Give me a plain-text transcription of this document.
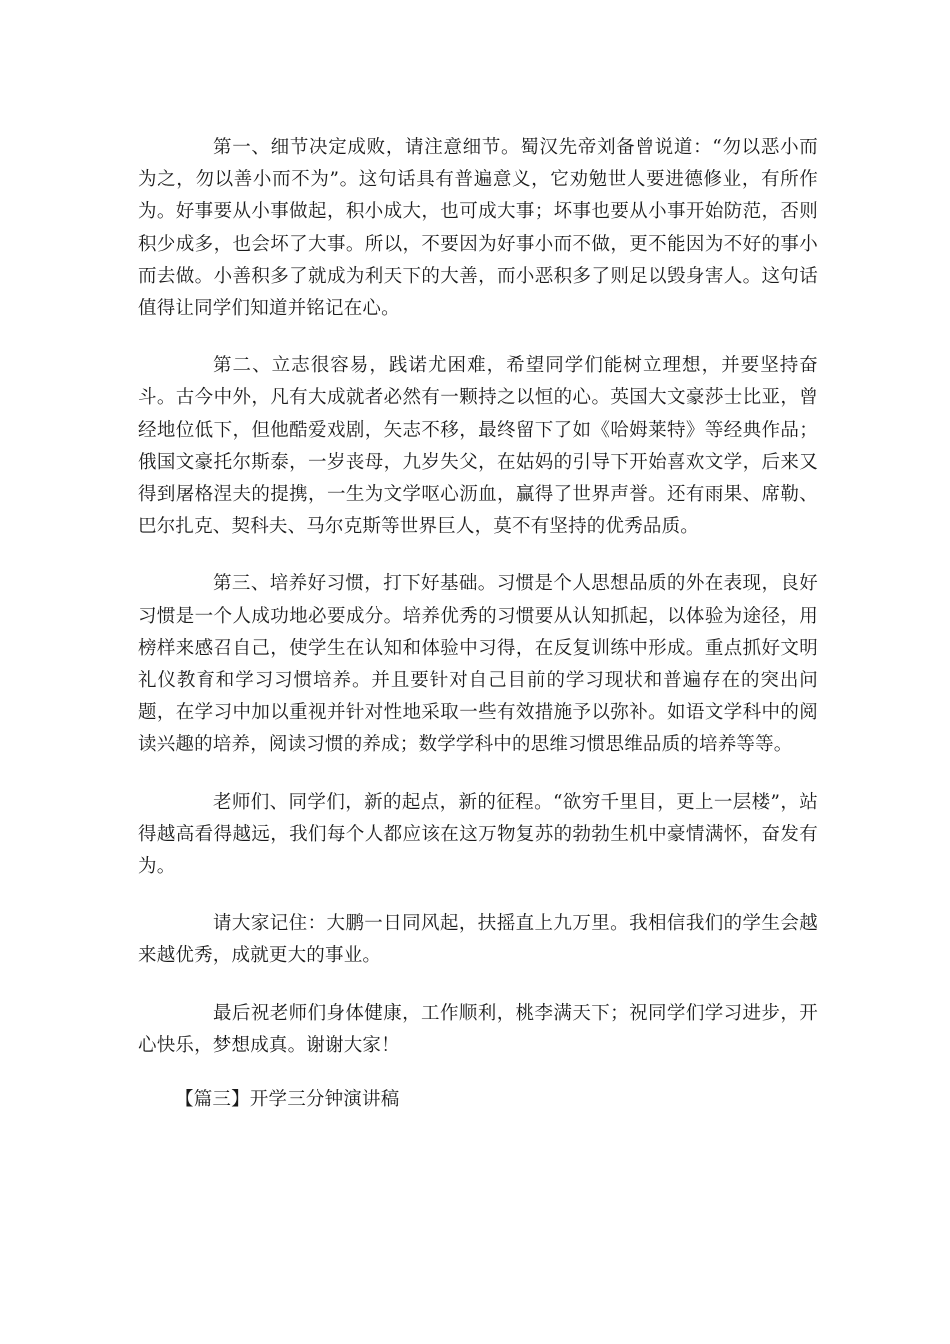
第一、细节决定成败，请注意细节。蜀汉先帝刘备曾说道：“勿以恶小而为之，勿以善小而不为”。这句话具有普遍意义，它劝勉世人要进德修业，有所作为。好事要从小事做起，积小成大，也可成大事；坏事也要从小事开始防范，否则积少成多，也会坏了大事。所以，不要因为好事小而不做，更不能因为不好的事小而去做。小善积多了就成为利天下的大善，而小恶积多了则足以毁身害人。这句话值得让同学们知道并铭记在心。

第二、立志很容易，践诺尤困难，希望同学们能树立理想，并要坚持奋斗。古今中外，凡有大成就者必然有一颗持之以恒的心。英国大文豪莎士比亚，曾经地位低下，但他酷爱戏剧，矢志不移，最终留下了如《哈姆莱特》等经典作品；俄国文豪托尔斯泰，一岁丧母，九岁失父，在姑妈的引导下开始喜欢文学，后来又得到屠格涅夫的提携，一生为文学呕心沥血，赢得了世界声誉。还有雨果、席勒、巴尔扎克、契科夫、马尔克斯等世界巨人，莫不有坚持的优秀品质。

第三、培养好习惯，打下好基础。习惯是个人思想品质的外在表现，良好习惯是一个人成功地必要成分。培养优秀的习惯要从认知抓起，以体验为途径，用榜样来感召自己，使学生在认知和体验中习得，在反复训练中形成。重点抓好文明礼仪教育和学习习惯培养。并且要针对自己目前的学习现状和普遍存在的突出问题，在学习中加以重视并针对性地采取一些有效措施予以弥补。如语文学科中的阅读兴趣的培养，阅读习惯的养成；数学学科中的思维习惯思维品质的培养等等。

老师们、同学们，新的起点，新的征程。“欲穷千里目，更上一层楼”，站得越高看得越远，我们每个人都应该在这万物复苏的勃勃生机中豪情满怀，奋发有为。

请大家记住：大鹏一日同风起，扶摇直上九万里。我相信我们的学生会越来越优秀，成就更大的事业。

最后祝老师们身体健康，工作顺利，桃李满天下；祝同学们学习进步，开心快乐，梦想成真。谢谢大家！

【篇三】开学三分钟演讲稿
